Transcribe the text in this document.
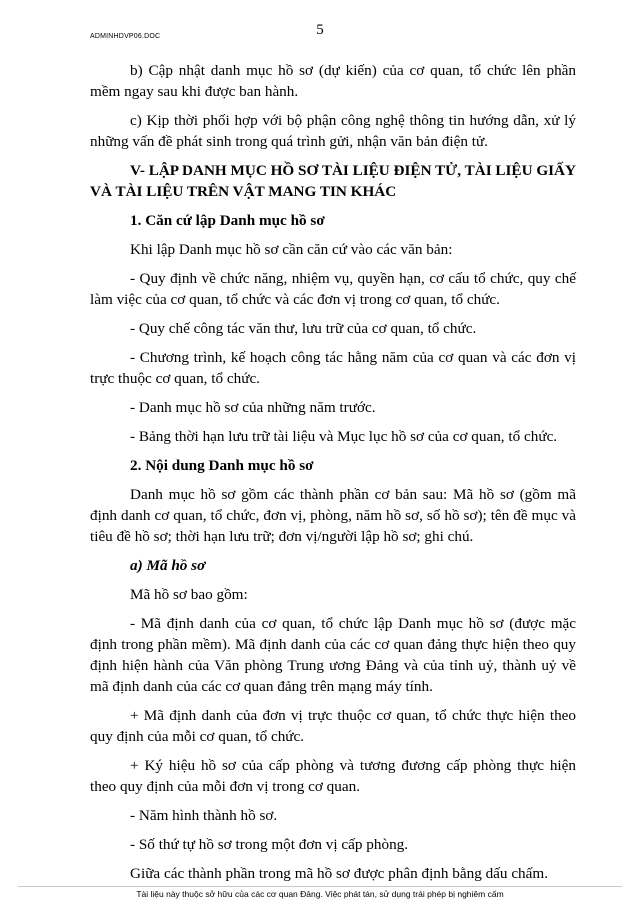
ADMINHDVP06.DOC	5

b) Cập nhật danh mục hồ sơ (dự kiến) của cơ quan, tổ chức lên phần mềm ngay sau khi được ban hành.

c) Kịp thời phối hợp với bộ phận công nghệ thông tin hướng dẫn, xử lý những vấn đề phát sinh trong quá trình gửi, nhận văn bản điện tử.

V- LẬP DANH MỤC HỒ SƠ TÀI LIỆU ĐIỆN TỬ, TÀI LIỆU GIẤY VÀ TÀI LIỆU TRÊN VẬT MANG TIN KHÁC

1. Căn cứ lập Danh mục hồ sơ

Khi lập Danh mục hồ sơ cần căn cứ vào các văn bản:

- Quy định về chức năng, nhiệm vụ, quyền hạn, cơ cấu tổ chức, quy chế làm việc của cơ quan, tổ chức và các đơn vị trong cơ quan, tổ chức.

- Quy chế công tác văn thư, lưu trữ của cơ quan, tổ chức.

- Chương trình, kế hoạch công tác hằng năm của cơ quan và các đơn vị trực thuộc cơ quan, tổ chức.

- Danh mục hồ sơ của những năm trước.

- Bảng thời hạn lưu trữ tài liệu và Mục lục hồ sơ của cơ quan, tổ chức.

2. Nội dung Danh mục hồ sơ

Danh mục hồ sơ gồm các thành phần cơ bản sau: Mã hồ sơ (gồm mã định danh cơ quan, tổ chức, đơn vị, phòng, năm hồ sơ, số hồ sơ); tên đề mục và tiêu đề hồ sơ; thời hạn lưu trữ; đơn vị/người lập hồ sơ; ghi chú.

a) Mã hồ sơ

Mã hồ sơ bao gồm:

- Mã định danh của cơ quan, tổ chức lập Danh mục hồ sơ (được mặc định trong phần mềm). Mã định danh của các cơ quan đảng thực hiện theo quy định hiện hành của Văn phòng Trung ương Đảng và của tỉnh uỷ, thành uỷ về mã định danh của các cơ quan đảng trên mạng máy tính.

+ Mã định danh của đơn vị trực thuộc cơ quan, tổ chức thực hiện theo quy định của mỗi cơ quan, tổ chức.

+ Ký hiệu hồ sơ của cấp phòng và tương đương cấp phòng thực hiện theo quy định của mỗi đơn vị trong cơ quan.

- Năm hình thành hồ sơ.

- Số thứ tự hồ sơ trong một đơn vị cấp phòng.

Giữa các thành phần trong mã hồ sơ được phân định bằng dấu chấm.

Tài liệu này thuộc sở hữu của các cơ quan Đảng. Việc phát tán, sử dụng trái phép bị nghiêm cấm
